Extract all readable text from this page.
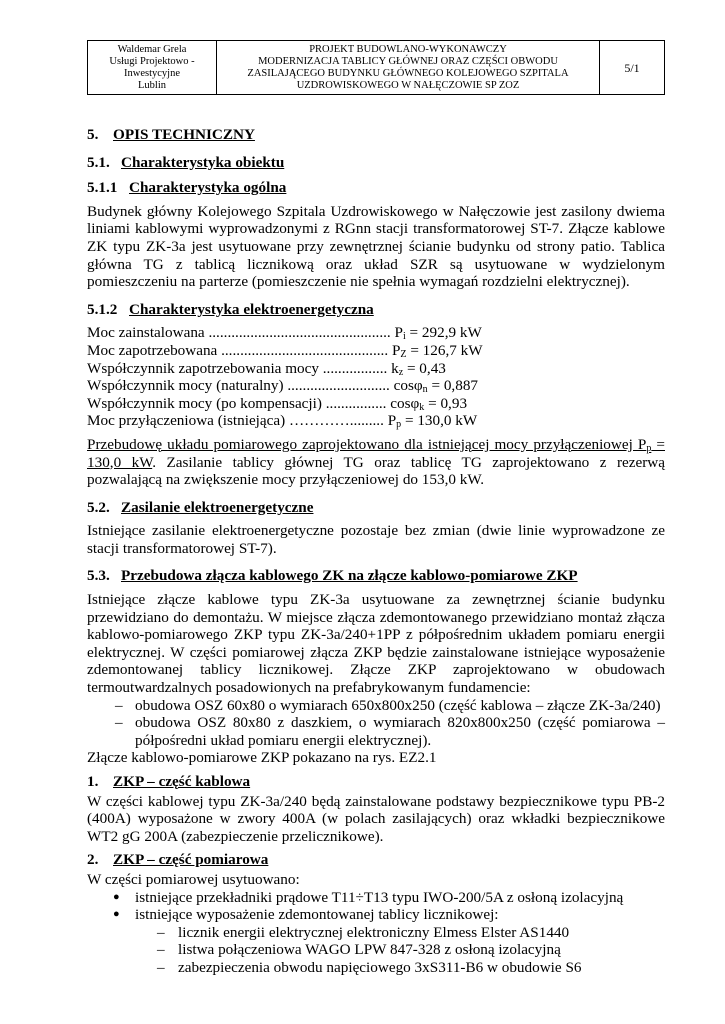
Waldemar Grela
Usługi Projektowo -
Inwestycyjne
Lublin

PROJEKT BUDOWLANO-WYKONAWCZY
MODERNIZACJA TABLICY GŁÓWNEJ ORAZ CZĘŚCI OBWODU
ZASILAJĄCEGO BUDYNKU GŁÓWNEGO KOLEJOWEGO SZPITALA
UZDROWISKOWEGO W NAŁĘCZOWIE SP ZOZ
	5/1

5. OPIS TECHNICZNY

5.1. Charakterystyka obiektu

5.1.1 Charakterystyka ogólna

Budynek główny Kolejowego Szpitala Uzdrowiskowego w Nałęczowie jest zasilony dwiema liniami kablowymi wyprowadzonymi z RGnn stacji transformatorowej ST-7. Złącze kablowe ZK typu ZK-3a jest usytuowane przy zewnętrznej ścianie budynku od strony patio. Tablica główna TG z tablicą licznikową oraz układ SZR są usytuowane w wydzielonym pomieszczeniu na parterze (pomieszczenie nie spełnia wymagań rozdzielni elektrycznej).

5.1.2 Charakterystyka elektroenergetyczna

Moc zainstalowana ................................................ $P_i = 292,9$ kW

Moc zapotrzebowana ............................................ $P_Z = 126,7$ kW

Współczynnik zapotrzebowania mocy ................. $k_z = 0,43$

Współczynnik mocy (naturalny) ........................... cosφ$_n$ = 0,887

Współczynnik mocy (po kompensacji) ................ cosφ$_k$ = 0,93

Moc przyłączeniowa (istniejąca) …………......... $P_p = 130,0$ kW

Przebudowę układu pomiarowego zaprojektowano dla istniejącej mocy przyłączeniowej $P_p = 130,0$ kW. Zasilanie tablicy głównej TG oraz tablicę TG zaprojektowano z rezerwą pozwalającą na zwiększenie mocy przyłączeniowej do 153,0 kW.

5.2. Zasilanie elektroenergetyczne

Istniejące zasilanie elektroenergetyczne pozostaje bez zmian (dwie linie wyprowadzone ze stacji transformatorowej ST-7).

5.3. Przebudowa złącza kablowego ZK na złącze kablowo-pomiarowe ZKP

Istniejące złącze kablowe typu ZK-3a usytuowane za zewnętrznej ścianie budynku przewidziano do demontażu. W miejsce złącza zdemontowanego przewidziano montaż złącza kablowo-pomiarowego ZKP typu ZK-3a/240+1PP z półpośrednim układem pomiaru energii elektrycznej. W części pomiarowej złącza ZKP będzie zainstalowane istniejące wyposażenie zdemontowanej tablicy licznikowej. Złącze ZKP zaprojektowano w obudowach termoutwardzalnych posadowionych na prefabrykowanym fundamencie:

– obudowa OSZ 60x80 o wymiarach 650x800x250 (część kablowa – złącze ZK-3a/240)
– obudowa OSZ 80x80 z daszkiem, o wymiarach 820x800x250 (część pomiarowa – półpośredni układ pomiaru energii elektrycznej).

Złącze kablowo-pomiarowe ZKP pokazano na rys. EZ2.1

1. ZKP – część kablowa

W części kablowej typu ZK-3a/240 będą zainstalowane podstawy bezpiecznikowe typu PB-2 (400A) wyposażone w zwory 400A (w polach zasilających) oraz wkładki bezpiecznikowe WT2 gG 200A (zabezpieczenie przelicznikowe).

2. ZKP – część pomiarowa

W części pomiarowej usytuowano:

● istniejące przekładniki prądowe T11÷T13 typu IWO-200/5A z osłoną izolacyjną
● istniejące wyposażenie zdemontowanej tablicy licznikowej:
– licznik energii elektrycznej elektroniczny Elmess Elster AS1440
– listwa połączeniowa WAGO LPW 847-328 z osłoną izolacyjną
– zabezpieczenia obwodu napięciowego 3xS311-B6 w obudowie S6
